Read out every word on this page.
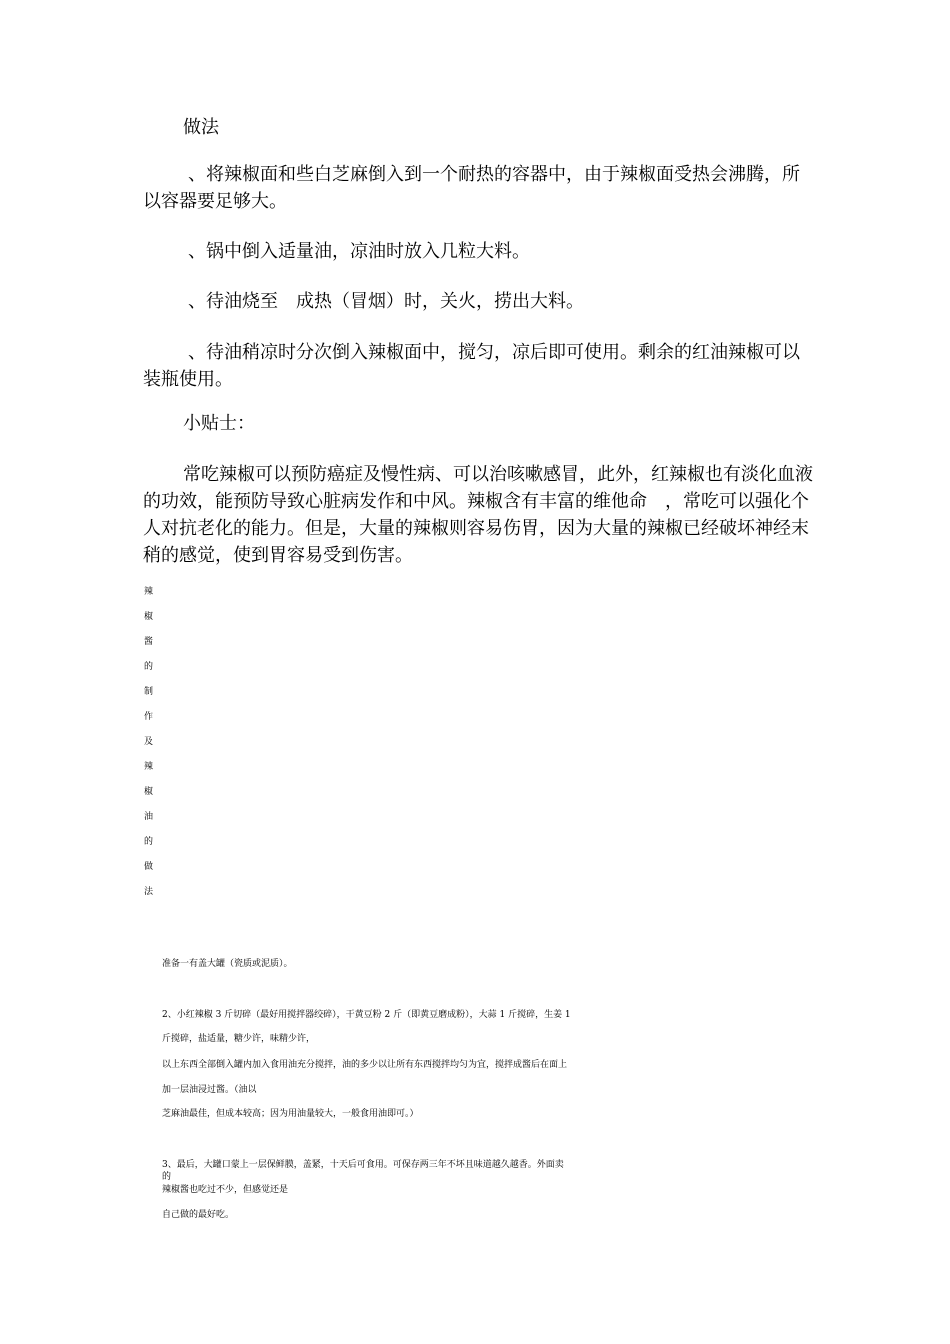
做法
、将辣椒面和些白芝麻倒入到一个耐热的容器中，由于辣椒面受热会沸腾，所以容器要足够大。
、锅中倒入适量油，凉油时放入几粒大料。
、待油烧至　成热（冒烟）时，关火，捞出大料。
、待油稍凉时分次倒入辣椒面中，搅匀，凉后即可使用。剩余的红油辣椒可以装瓶使用。
小贴士：
常吃辣椒可以预防癌症及慢性病、可以治咳嗽感冒，此外，红辣椒也有淡化血液的功效，能预防导致心脏病发作和中风。辣椒含有丰富的维他命　，常吃可以强化个人对抗老化的能力。但是，大量的辣椒则容易伤胃，因为大量的辣椒已经破坏神经末稍的感觉，使到胃容易受到伤害。
辣
椒
酱
的
制
作
及
辣
椒
油
的
做
法
准备一有盖大罐（瓷质或泥质）。
2、小红辣椒 3 斤切碎（最好用搅拌器绞碎），干黄豆粉 2 斤（即黄豆磨成粉），大蒜 1 斤搅碎，生姜 1
斤搅碎，盐适量，糖少许，味精少许，
以上东西全部倒入罐内加入食用油充分搅拌，油的多少以让所有东西搅拌均匀为宜，搅拌成酱后在面上
加一层油浸过酱。（油以
芝麻油最佳，但成本较高；因为用油量较大，一般食用油即可。）
3、最后，大罐口蒙上一层保鲜膜，盖紧，十天后可食用。可保存两三年不坏且味道越久越香。外面卖的
辣椒酱也吃过不少，但感觉还是
自己做的最好吃。
